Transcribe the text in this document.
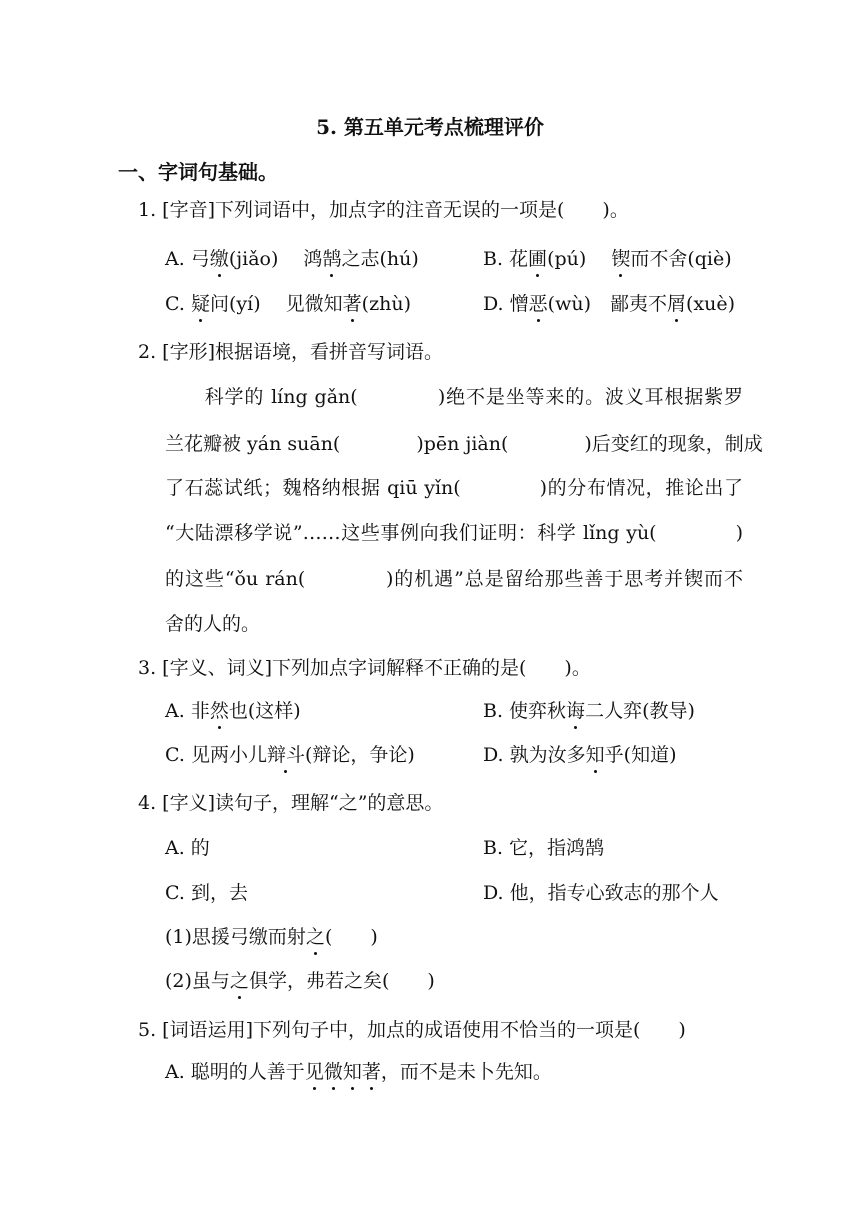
5. 第五单元考点梳理评价
一、字词句基础。
1. [字音]下列词语中，加点字的注音无误的一项是(　　)。
A. 弓缴(jiǎo)　 鸿鹄之志(hú)	B. 花圃(pú)　 锲而不舍(qiè)
C. 疑问(yí)　 见微知著(zhù)	D. 憎恶(wù)　鄙夷不屑(xuè)
2. [字形]根据语境，看拼音写词语。
　　科学的 líng gǎn(　　　　)绝不是坐等来的。波义耳根据紫罗
兰花瓣被 yán suān(　　　　)pēn jiàn(　　　　)后变红的现象，制成
了石蕊试纸；魏格纳根据 qiū yǐn(　　　　)的分布情况，推论出了
“大陆漂移学说”……这些事例向我们证明：科学 lǐng yù(　　　　)
的这些“ǒu rán(　　　　)的机遇”总是留给那些善于思考并锲而不
舍的人的。
3. [字义、词义]下列加点字词解释不正确的是(　　)。
A. 非然也(这样)	B. 使弈秋诲二人弈(教导)
C. 见两小儿辩斗(辩论，争论)	D. 孰为汝多知乎(知道)
4. [字义]读句子，理解“之”的意思。
A. 的	B. 它，指鸿鹄
C. 到，去	D. 他，指专心致志的那个人
(1)思援弓缴而射之(　　)
(2)虽与之俱学，弗若之矣(　　)
5. [词语运用]下列句子中，加点的成语使用不恰当的一项是(　　)
A. 聪明的人善于见微知著，而不是未卜先知。
